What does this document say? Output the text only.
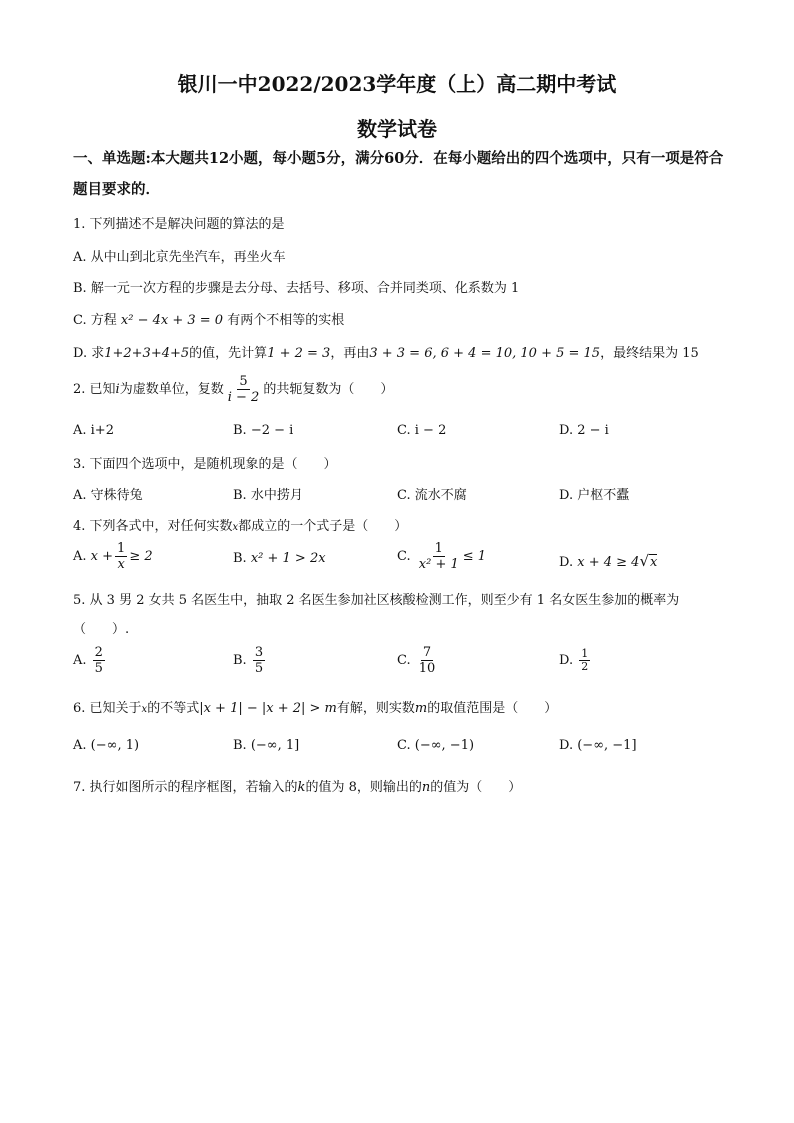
银川一中2022/2023学年度（上）高二期中考试
数学试卷
一、单选题:本大题共12小题，每小题5分，满分60分．在每小题给出的四个选项中，只有一项是符合题目要求的．
1. 下列描述不是解决问题的算法的是
A. 从中山到北京先坐汽车，再坐火车
B. 解一元一次方程的步骤是去分母、去括号、移项、合并同类项、化系数为 1
C. 方程 x² − 4x + 3 = 0 有两个不相等的实根
D. 求1+2+3+4+5的值，先计算1 + 2 = 3，再由3 + 3 = 6, 6 + 4 = 10, 10 + 5 = 15，最终结果为 15
2. 已知i为虚数单位，复数 $\frac{5}{i - 2}$ 的共轭复数为（　　）
A. i+2	B. −2 − i	C. i − 2	D. 2 − i
3. 下面四个选项中，是随机现象的是（　　）
A. 守株待兔	B. 水中捞月	C. 流水不腐	D. 户枢不蠹
4. 下列各式中，对任何实数x都成立的一个式子是（　　）
A. $x + \frac{1}{x} \ge 2$	B. x² + 1 > 2x	C. $\frac{1}{\text{x² + 1}} \le 1$	D. x + 4 ≥ 4√x
5. 从 3 男 2 女共 5 名医生中，抽取 2 名医生参加社区核酸检测工作，则至少有 1 名女医生参加的概率为
（　　）.
A. $\frac{2}{5}$	B. $\frac{3}{5}$	C. $\frac{7}{10}$	D. $\frac{1}{2}$
6. 已知关于x的不等式|x + 1| − |x + 2| > m有解，则实数m的取值范围是（　　）
A. (−∞, 1)	B. (−∞, 1]	C. (−∞, −1)	D. (−∞, −1]
7. 执行如图所示的程序框图，若输入的k的值为 8，则输出的n的值为（　　）
